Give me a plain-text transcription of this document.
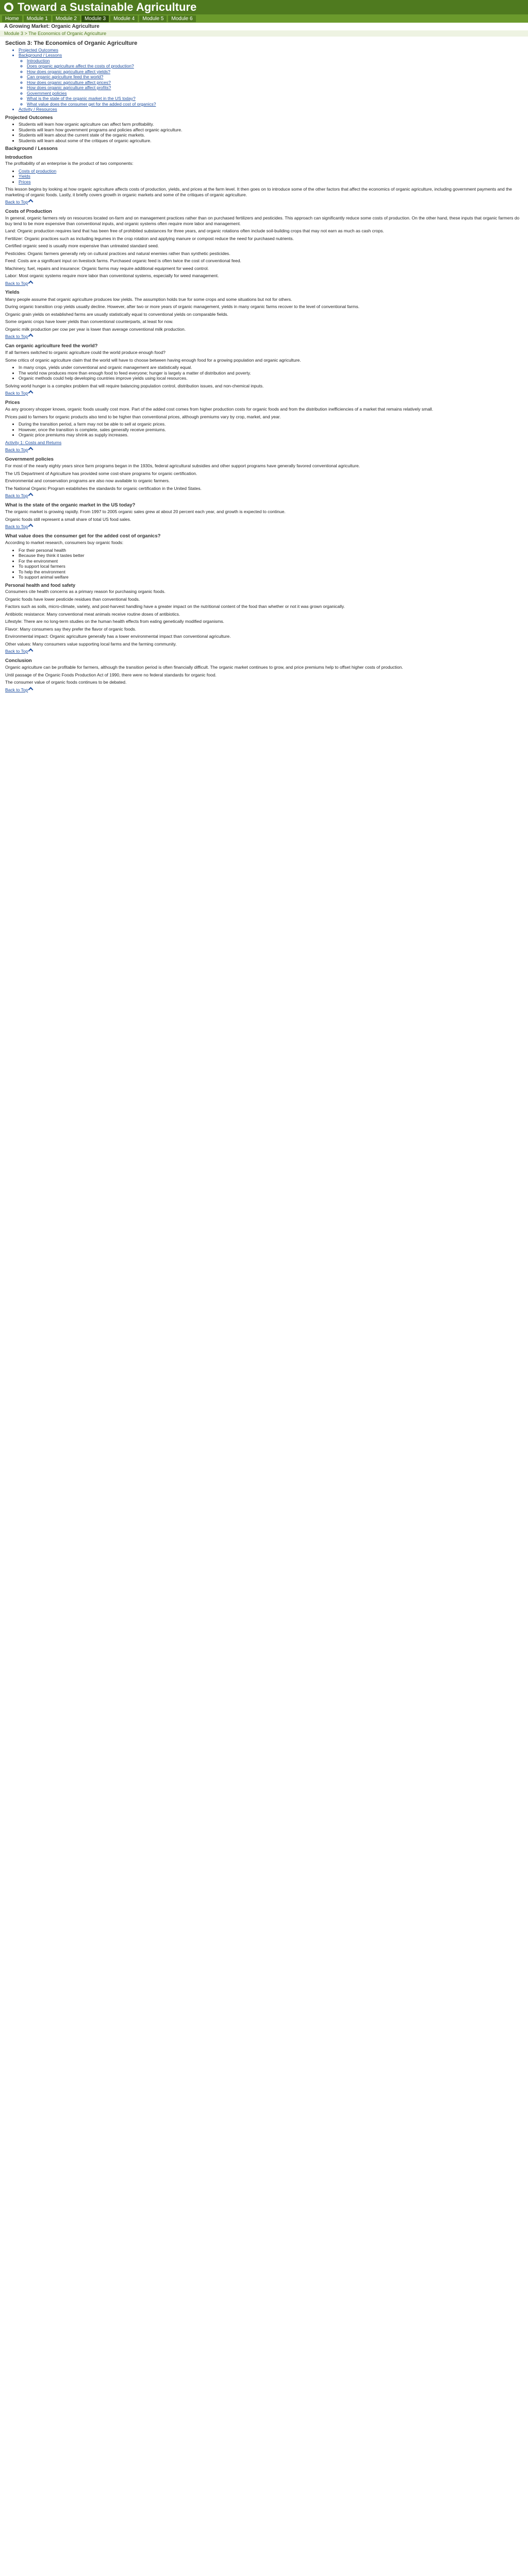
Toward a Sustainable Agriculture
Home	Module 1	Module 2	Module 3	Module 4	Module 5	Module 6
A Growing Market: Organic Agriculture
Module 3 > The Economics of Organic Agriculture
Section 3: The Economics of Organic Agriculture
• Projected Outcomes
• Background / Lessons
◦ Introduction
◦ Does organic agriculture affect the costs of production?
◦ How does organic agriculture affect yields?
◦ Can organic agriculture feed the world?
◦ How does organic agriculture affect prices?
◦ How does organic agriculture affect profits?
◦ Government policies
◦ What is the state of the organic market in the US today?
◦ What value does the consumer get for the added cost of organics?
• Activity / Resources
Projected Outcomes
• Students will learn how organic agriculture can affect farm profitability.
• Students will learn how government programs and policies affect organic agriculture.
• Students will learn about the current state of the organic markets.
• Students will learn about some of the critiques of organic agriculture.
Background / Lessons
Introduction

The profitability of an enterprise is the product of two components:

• Costs of production
• Yields
• Prices

This lesson begins by looking at how organic agriculture affects costs of production, yields, and prices at the farm level. It then goes on to introduce some of the other factors that affect the economics of organic agriculture, including government payments and the marketing of organic foods. Lastly, it briefly covers growth in organic markets and some of the critiques of organic agriculture.

Back to Top
Costs of Production

In general, organic farmers rely on resources located on-farm and on management practices rather than on purchased fertilizers and pesticides. This approach can significantly reduce some costs of production. On the other hand, these inputs that organic farmers do buy tend to be more expensive than conventional inputs, and organic systems often require more labor and management.

Land: Organic production requires land that has been free of prohibited substances for three years, and organic rotations often include soil-building crops that may not earn as much as cash crops.

Fertilizer: Organic practices such as including legumes in the crop rotation and applying manure or compost reduce the need for purchased nutrients.

Certified organic seed is usually more expensive than untreated standard seed.

Pesticides: Organic farmers generally rely on cultural practices and natural enemies rather than synthetic pesticides.

Feed: Costs are a significant input on livestock farms. Purchased organic feed is often twice the cost of conventional feed.

Machinery, fuel, repairs and insurance: Organic farms may require additional equipment for weed control.

Labor: Most organic systems require more labor than conventional systems, especially for weed management.

Back to Top
Yields

Many people assume that organic agriculture produces low yields. The assumption holds true for some crops and some situations but not for others.

During organic transition crop yields usually decline. However, after two or more years of organic management, yields in many organic farms recover to the level of conventional farms.

Organic grain yields on established farms are usually statistically equal to conventional yields on comparable fields.

Some organic crops have lower yields than conventional counterparts, at least for now.

Organic milk production per cow per year is lower than average conventional milk production.

Back to Top
Can organic agriculture feed the world?

If all farmers switched to organic agriculture could the world produce enough food?

Some critics of organic agriculture claim that the world will have to choose between having enough food for a growing population and organic agriculture.

• In many crops, yields under conventional and organic management are statistically equal.
• The world now produces more than enough food to feed everyone; hunger is largely a matter of distribution and poverty.
• Organic methods could help developing countries improve yields using local resources.

Solving world hunger is a complex problem that will require balancing population control, distribution issues, and non-chemical inputs.

Back to Top
Prices

As any grocery shopper knows, organic foods usually cost more. Part of the added cost comes from higher production costs for organic foods and from the distribution inefficiencies of a market that remains relatively small.

Prices paid to farmers for organic products also tend to be higher than conventional prices, although premiums vary by crop, market, and year.

• During the transition period, a farm may not be able to sell at organic prices.
• However, once the transition is complete, sales generally receive premiums.
• Organic price premiums may shrink as supply increases.

Activity 1: Costs and Returns

Back to Top
Government policies

For most of the nearly eighty years since farm programs began in the 1930s, federal agricultural subsidies and other support programs have generally favored conventional agriculture.

The US Department of Agriculture has provided some cost-share programs for organic certification.

Environmental and conservation programs are also now available to organic farmers.

The National Organic Program establishes the standards for organic certification in the United States.

Back to Top
What is the state of the organic market in the US today?

The organic market is growing rapidly. From 1997 to 2005 organic sales grew at about 20 percent each year, and growth is expected to continue.

Organic foods still represent a small share of total US food sales.

Back to Top
What value does the consumer get for the added cost of organics?

According to market research, consumers buy organic foods:

• For their personal health
• Because they think it tastes better
• For the environment
• To support local farmers
• To help the environment
• To support animal welfare
Personal health and food safety

Consumers cite health concerns as a primary reason for purchasing organic foods.

Organic foods have lower pesticide residues than conventional foods.

Factors such as soils, micro-climate, variety, and post-harvest handling have a greater impact on the nutritional content of the food than whether or not it was grown organically.

Antibiotic resistance: Many conventional meat animals receive routine doses of antibiotics.

Lifestyle: There are no long-term studies on the human health effects from eating genetically modified organisms.

Flavor: Many consumers say they prefer the flavor of organic foods.

Environmental impact: Organic agriculture generally has a lower environmental impact than conventional agriculture.

Other values: Many consumers value supporting local farms and the farming community.

Back to Top
Conclusion

Organic agriculture can be profitable for farmers, although the transition period is often financially difficult. The organic market continues to grow, and price premiums help to offset higher costs of production.

Until passage of the Organic Foods Production Act of 1990, there were no federal standards for organic food.

The consumer value of organic foods continues to be debated.

Back to Top
